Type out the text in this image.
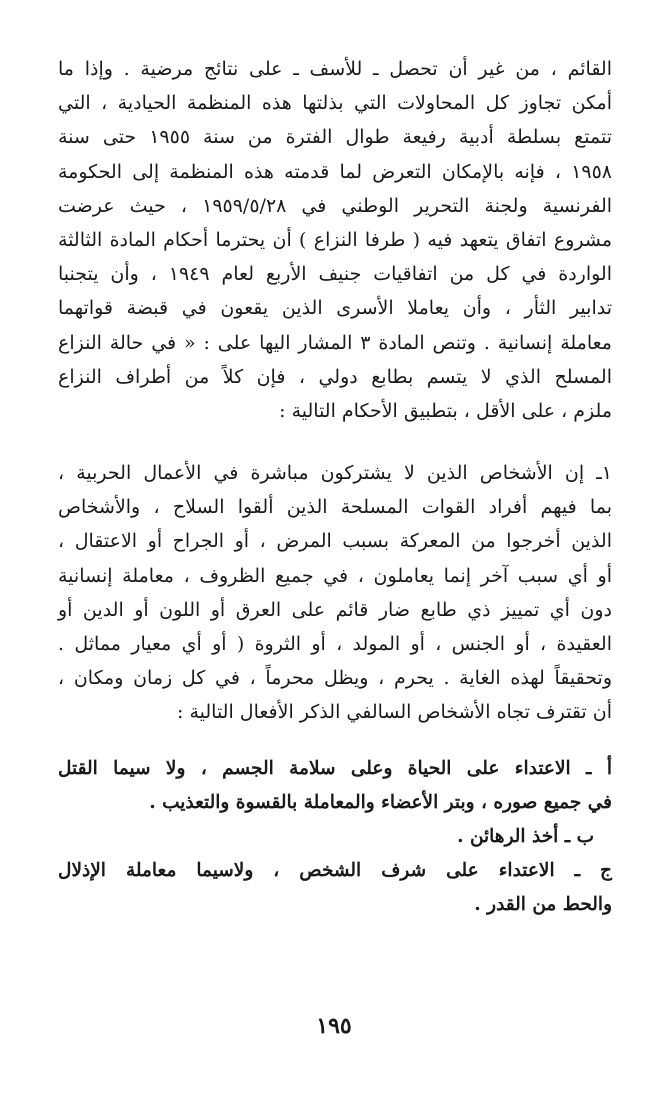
القائم ، من غير أن تحصل ـ للأسف ـ على نتائج مرضية . وإذا ما
أمكن تجاوز كل المحاولات التي بذلتها هذه المنظمة الحيادية ، التي
تتمتع بسلطة أدبية رفيعة طوال الفترة من سنة ١٩٥٥ حتى سنة
١٩٥٨ ، فإنه بالإمكان التعرض لما قدمته هذه المنظمة إلى الحكومة
الفرنسية ولجنة التحرير الوطني في ١٩٥٩/٥/٢٨ ، حيث عرضت
مشروع اتفاق يتعهد فيه ( طرفا النزاع ) أن يحترما أحكام المادة الثالثة
الواردة في كل من اتفاقيات جنيف الأربع لعام ١٩٤٩ ، وأن يتجنبا
تدابير الثأر ، وأن يعاملا الأسرى الذين يقعون في قبضة قواتهما
معاملة إنسانية . وتنص المادة ٣ المشار اليها على : « في حالة النزاع
المسلح الذي لا يتسم بطابع دولي ، فإن كلاً من أطراف النزاع
ملزم ، على الأقل ، بتطبيق الأحكام التالية :
١ـ إن الأشخاص الذين لا يشتركون مباشرة في الأعمال الحربية ،
بما فيهم أفراد القوات المسلحة الذين ألقوا السلاح ، والأشخاص
الذين أخرجوا من المعركة بسبب المرض ، أو الجراح أو الاعتقال ،
أو أي سبب آخر إنما يعاملون ، في جميع الظروف ، معاملة إنسانية
دون أي تمييز ذي طابع ضار قائم على العرق أو اللون أو الدين أو
العقيدة ، أو الجنس ، أو المولد ، أو الثروة ( أو أي معيار مماثل .
وتحقيقاً لهذه الغاية . يحرم ، ويظل محرماً ، في كل زمان ومكان ،
أن تقترف تجاه الأشخاص السالفي الذكر الأفعال التالية :
أ ـ الاعتداء على الحياة وعلى سلامة الجسم ، ولا سيما القتل
في جميع صوره ، وبتر الأعضاء والمعاملة بالقسوة والتعذيب .
ب ـ أخذ الرهائن .
ج ـ الاعتداء على شرف الشخص ، ولاسيما معاملة الإذلال
والحط من القدر .
١٩٥
